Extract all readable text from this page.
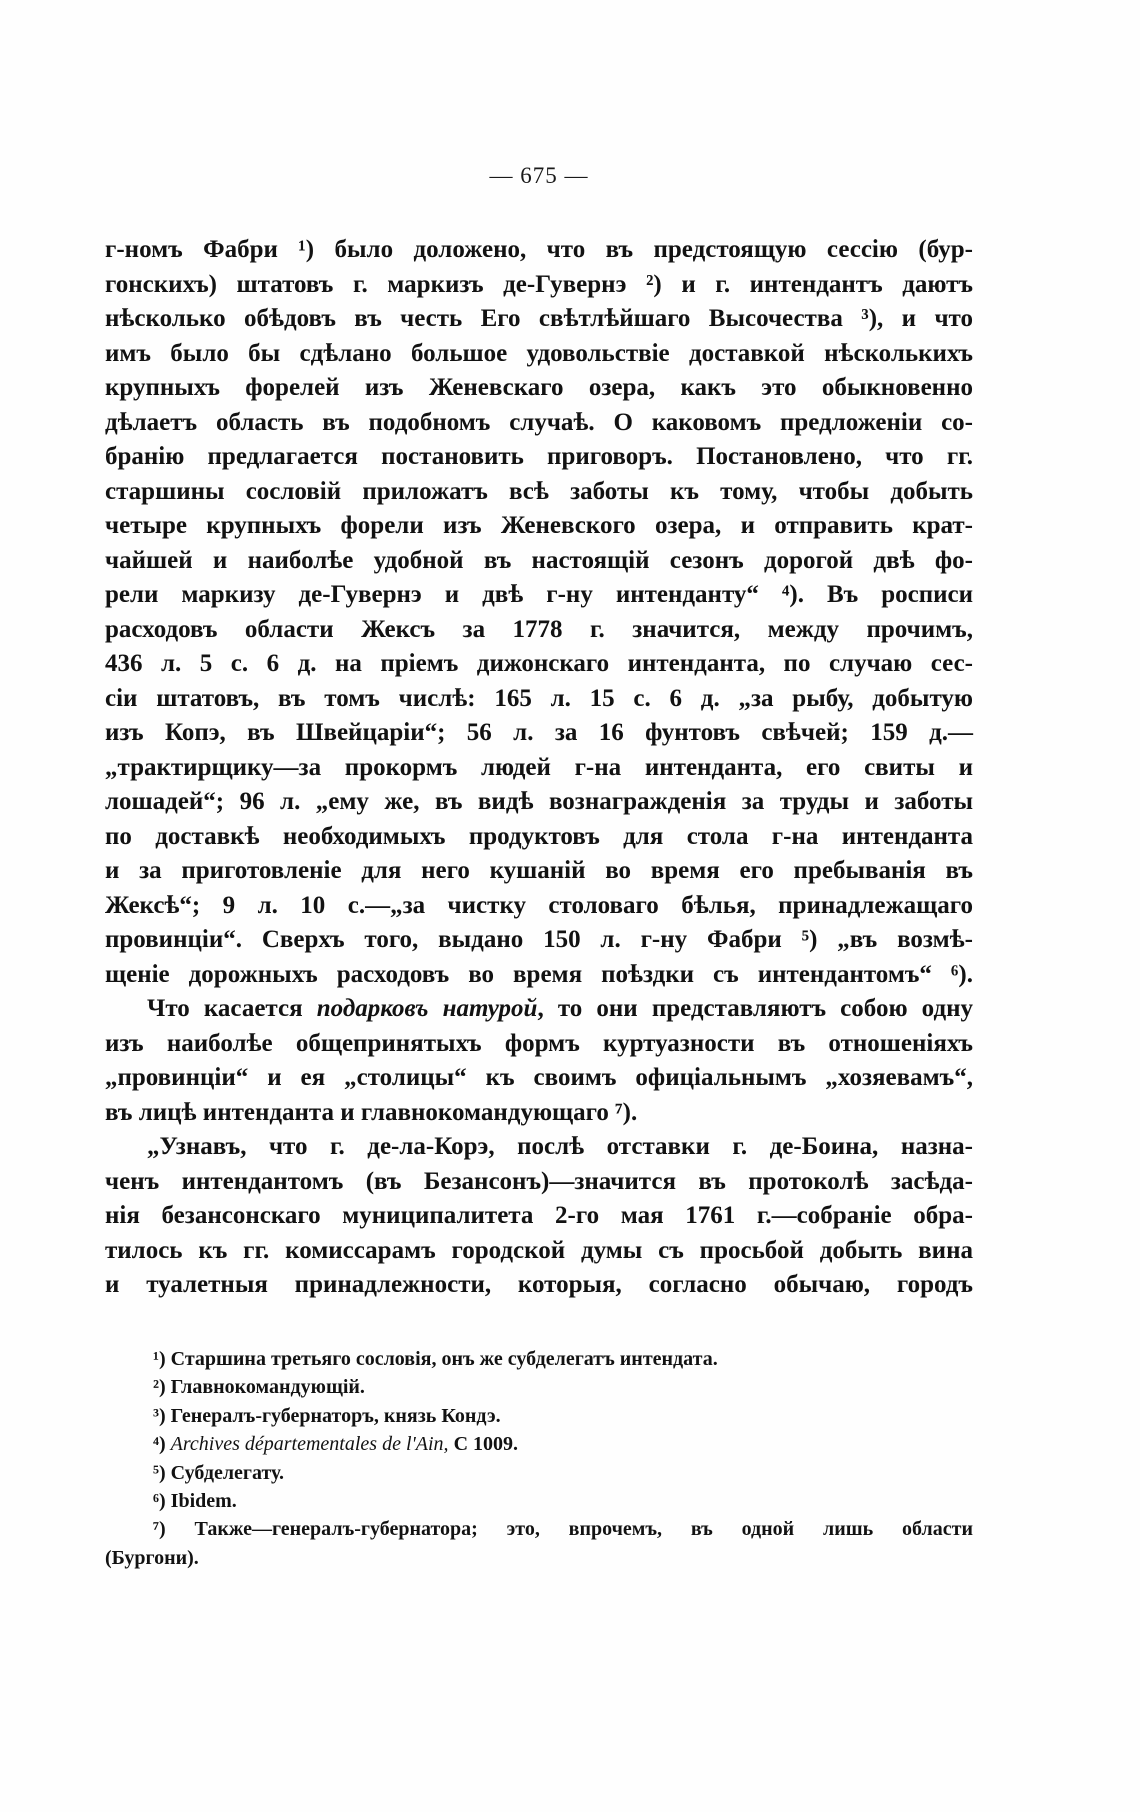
— 675 —
г-номъ Фабри ¹) было доложено, что въ предстоящую сессію (бур-
гонскихъ) штатовъ г. маркизъ де-Гувернэ ²) и г. интендантъ даютъ
нѣсколько обѣдовъ въ честь Его свѣтлѣйшаго Высочества ³), и что
имъ было бы сдѣлано большое удовольствіе доставкой нѣсколькихъ
крупныхъ форелей изъ Женевскаго озера, какъ это обыкновенно
дѣлаетъ область въ подобномъ случаѣ. О каковомъ предложеніи со-
бранію предлагается постановить приговоръ. Постановлено, что гг.
старшины сословій приложатъ всѣ заботы къ тому, чтобы добыть
четыре крупныхъ форели изъ Женевского озера, и отправить крат-
чайшей и наиболѣе удобной въ настоящій сезонъ дорогой двѣ фо-
рели маркизу де-Гувернэ и двѣ г-ну интенданту“ ⁴). Въ росписи
расходовъ области Жексъ за 1778 г. значится, между прочимъ,
436 л. 5 с. 6 д. на пріемъ дижонскаго интенданта, по случаю сес-
сіи штатовъ, въ томъ числѣ: 165 л. 15 с. 6 д. „за рыбу, добытую
изъ Копэ, въ Швейцаріи“; 56 л. за 16 фунтовъ свѣчей; 159 д.—
„трактирщику—за прокормъ людей г-на интенданта, его свиты и
лошадей“; 96 л. „ему же, въ видѣ вознагражденія за труды и заботы
по доставкѣ необходимыхъ продуктовъ для стола г-на интенданта
и за приготовленіе для него кушаній во время его пребыванія въ
Жексѣ“; 9 л. 10 с.—„за чистку столоваго бѣлья, принадлежащаго
провинціи“. Сверхъ того, выдано 150 л. г-ну Фабри ⁵) „въ возмѣ-
щеніе дорожныхъ расходовъ во время поѣздки съ интендантомъ“ ⁶).
Что касается подарковъ натурой, то они представляютъ собою одну
изъ наиболѣе общепринятыхъ формъ куртуазности въ отношеніяхъ
„провинціи“ и ея „столицы“ къ своимъ офиціальнымъ „хозяевамъ“,
въ лицѣ интенданта и главнокомандующаго ⁷).
„Узнавъ, что г. де-ла-Корэ, послѣ отставки г. де-Боина, назна-
ченъ интендантомъ (въ Безансонъ)—значится въ протоколѣ засѣда-
нія безансонскаго муниципалитета 2-го мая 1761 г.—собраніе обра-
тилось къ гг. комиссарамъ городской думы съ просьбой добыть вина
и туалетныя принадлежности, которыя, согласно обычаю, городъ
¹) Старшина третьяго сословія, онъ же субделегатъ интендата.
²) Главнокомандующій.
³) Генералъ-губернаторъ, князь Кондэ.
⁴) Archives départementales de l'Ain, C 1009.
⁵) Субделегату.
⁶) Ibidem.
⁷) Также—генералъ-губернатора; это, впрочемъ, въ одной лишь области
(Бургони).
